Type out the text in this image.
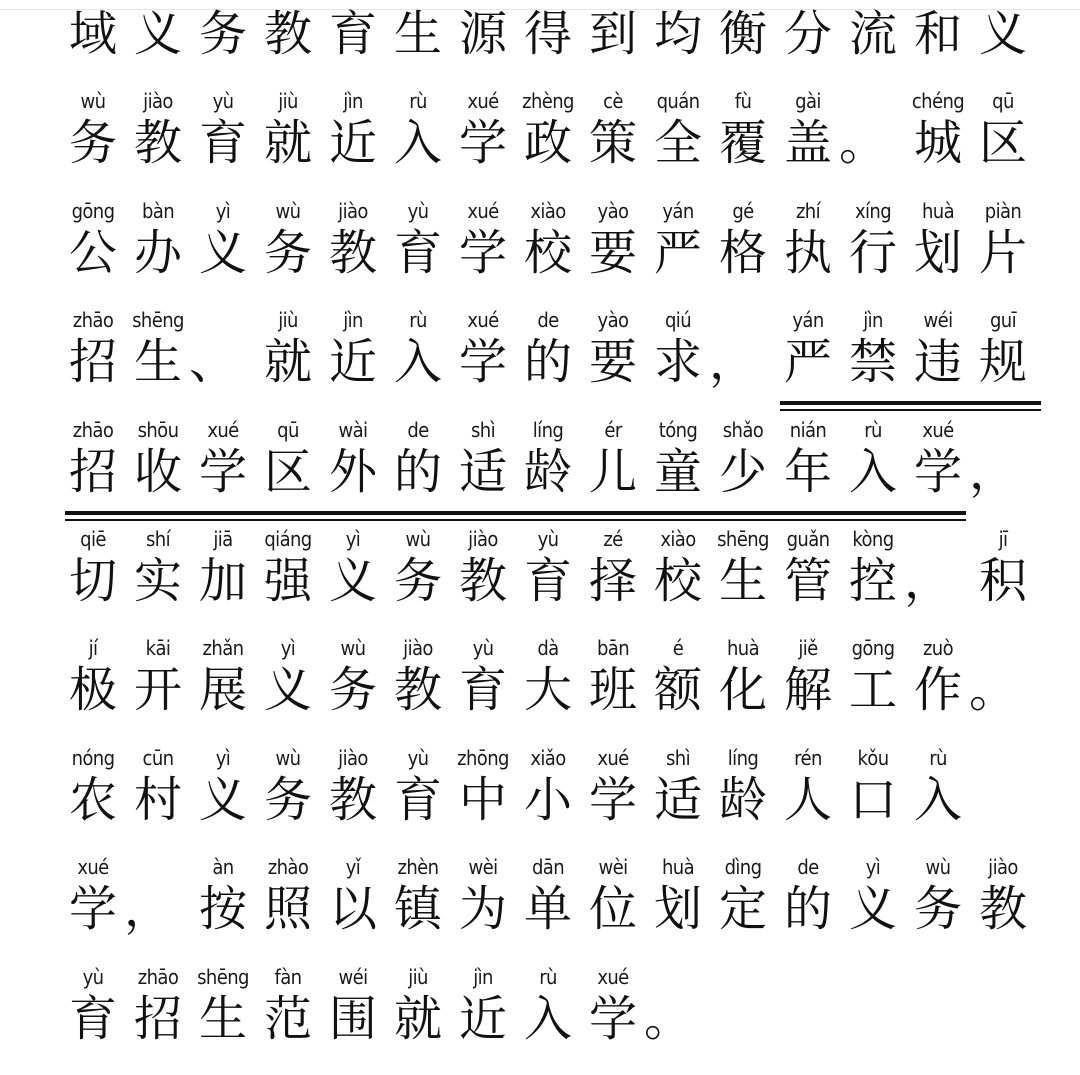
域 义 务 教 育 生 源 得 到 均 衡 分 流 和 义
wù
务
jiào
教
yù
育
jiù
就
jìn
近
rù
入
xué
学
zhèng
政
cè
策
quán
全
fù
覆
gài
盖 。
chéng
城
qū
区
gōng
公
bàn
办
yì
义
wù
务
jiào
教
yù
育
xué
学
xiào
校
yào
要
yán
严
gé
格
zhí
执
xíng
行
huà
划
piàn
片
zhāo
招
shēng
生 、
jiù
就
jìn
近
rù
入
xué
学
de
的
yào
要
qiú
求 ，
yán
严
jìn
禁
wéi
违
guī
规
zhāo
招
shōu
收
xué
学
qū
区
wài
外
de
的
shì
适
líng
龄
ér
儿
tóng
童
shǎo
少
nián
年
rù
入
xué
学 ，
qiē
切
shí
实
jiā
加
qiáng
强
yì
义
wù
务
jiào
教
yù
育
zé
择
xiào
校
shēng
生
guǎn
管
kòng
控 ，
jī
积
jí
极
kāi
开
zhǎn
展
yì
义
wù
务
jiào
教
yù
育
dà
大
bān
班
é
额
huà
化
jiě
解
gōng
工
zuò
作 。
nóng
农
cūn
村
yì
义
wù
务
jiào
教
yù
育
zhōng
中
xiǎo
小
xué
学
shì
适
líng
龄
rén
人
kǒu
口
rù
入
xué
学 ，
àn
按
zhào
照
yǐ
以
zhèn
镇
wèi
为
dān
单
wèi
位
huà
划
dìng
定
de
的
yì
义
wù
务
jiào
教
yù
育
zhāo
招
shēng
生
fàn
范
wéi
围
jiù
就
jìn
近
rù
入
xué
学 。
